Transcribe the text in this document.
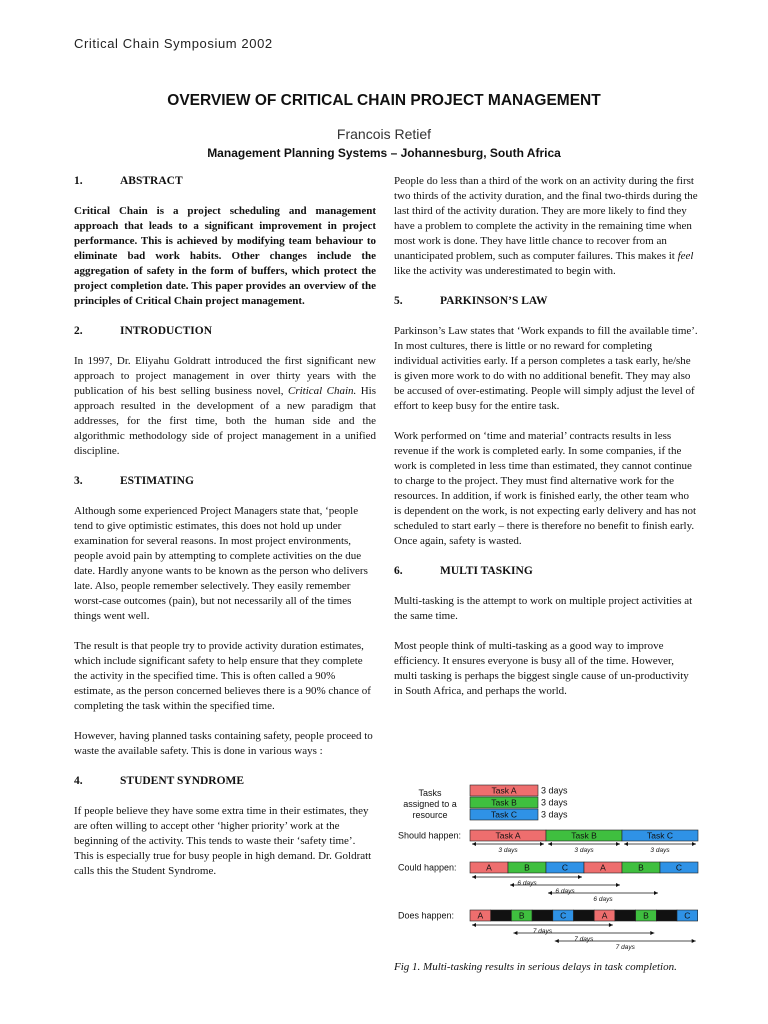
Critical Chain Symposium 2002
OVERVIEW OF CRITICAL CHAIN PROJECT MANAGEMENT
Francois Retief
Management Planning Systems – Johannesburg, South Africa
1.	ABSTRACT

Critical Chain is a project scheduling and management approach that leads to a significant improvement in project performance. This is achieved by modifying team behaviour to eliminate bad work habits. Other changes include the aggregation of safety in the form of buffers, which protect the project completion date. This paper provides an overview of the principles of Critical Chain project management.

2.	INTRODUCTION

In 1997, Dr. Eliyahu Goldratt introduced the first significant new approach to project management in over thirty years with the publication of his best selling business novel, Critical Chain. His approach resulted in the development of a new paradigm that addresses, for the first time, both the human side and the algorithmic methodology side of project management in a unified discipline.

3.	ESTIMATING

Although some experienced Project Managers state that, ‘people tend to give optimistic estimates, this does not hold up under examination for several reasons. In most project environments, people avoid pain by attempting to complete activities on the due date. Hardly anyone wants to be known as the person who delivers late. Also, people remember selectively. They easily remember worst-case outcomes (pain), but not necessarily all of the times things went well.

The result is that people try to provide activity duration estimates, which include significant safety to help ensure that they complete the activity in the specified time. This is often called a 90% estimate, as the person concerned believes there is a 90% chance of completing the task within the specified time.

However, having planned tasks containing safety, people proceed to waste the available safety. This is done in various ways :

4.	STUDENT SYNDROME

If people believe they have some extra time in their estimates, they are often willing to accept other ‘higher priority’ work at the beginning of the activity. This tends to waste their ‘safety time’. This is especially true for busy people in high demand. Dr. Goldratt calls this the Student Syndrome.

People do less than a third of the work on an activity during the first two thirds of the activity duration, and the final two-thirds during the last third of the activity duration. They are more likely to find they have a problem to complete the activity in the remaining time when most work is done. They have little chance to recover from an unanticipated problem, such as computer failures. This makes it feel like the activity was underestimated to begin with.

5.	PARKINSON’S LAW

Parkinson’s Law states that ‘Work expands to fill the available time’. In most cultures, there is little or no reward for completing individual activities early. If a person completes a task early, he/she is given more work to do with no additional benefit. They may also be accused of over-estimating. People will simply adjust the level of effort to keep busy for the entire task.

Work performed on ‘time and material’ contracts results in less revenue if the work is completed early. In some companies, if the work is completed in less time than estimated, they cannot continue to charge to the project. They must find alternative work for the resources. In addition, if work is finished early, the other team who is dependent on the work, is not expecting early delivery and has not scheduled to start early – there is therefore no benefit to finish early. Once again, safety is wasted.

6.	MULTI TASKING

Multi-tasking is the attempt to work on multiple project activities at the same time.

Most people think of multi-tasking as a good way to improve efficiency. It ensures everyone is busy all of the time. However, multi tasking is perhaps the biggest single cause of un-productivity in South Africa, and perhaps the world.

Tasks
assigned to a
resource
Task A	3 days
Task B	3 days
Task C	3 days
Should happen:	Task A
3 days
Task B
3 days
Task C
3 days
Could happen:	A	B	C	A	B	C
6 days
6 days
6 days
Does happen:	A	B	C	A	B	C
7 days
7 days
7 days
Fig 1. Multi-tasking results in serious delays in task completion.
